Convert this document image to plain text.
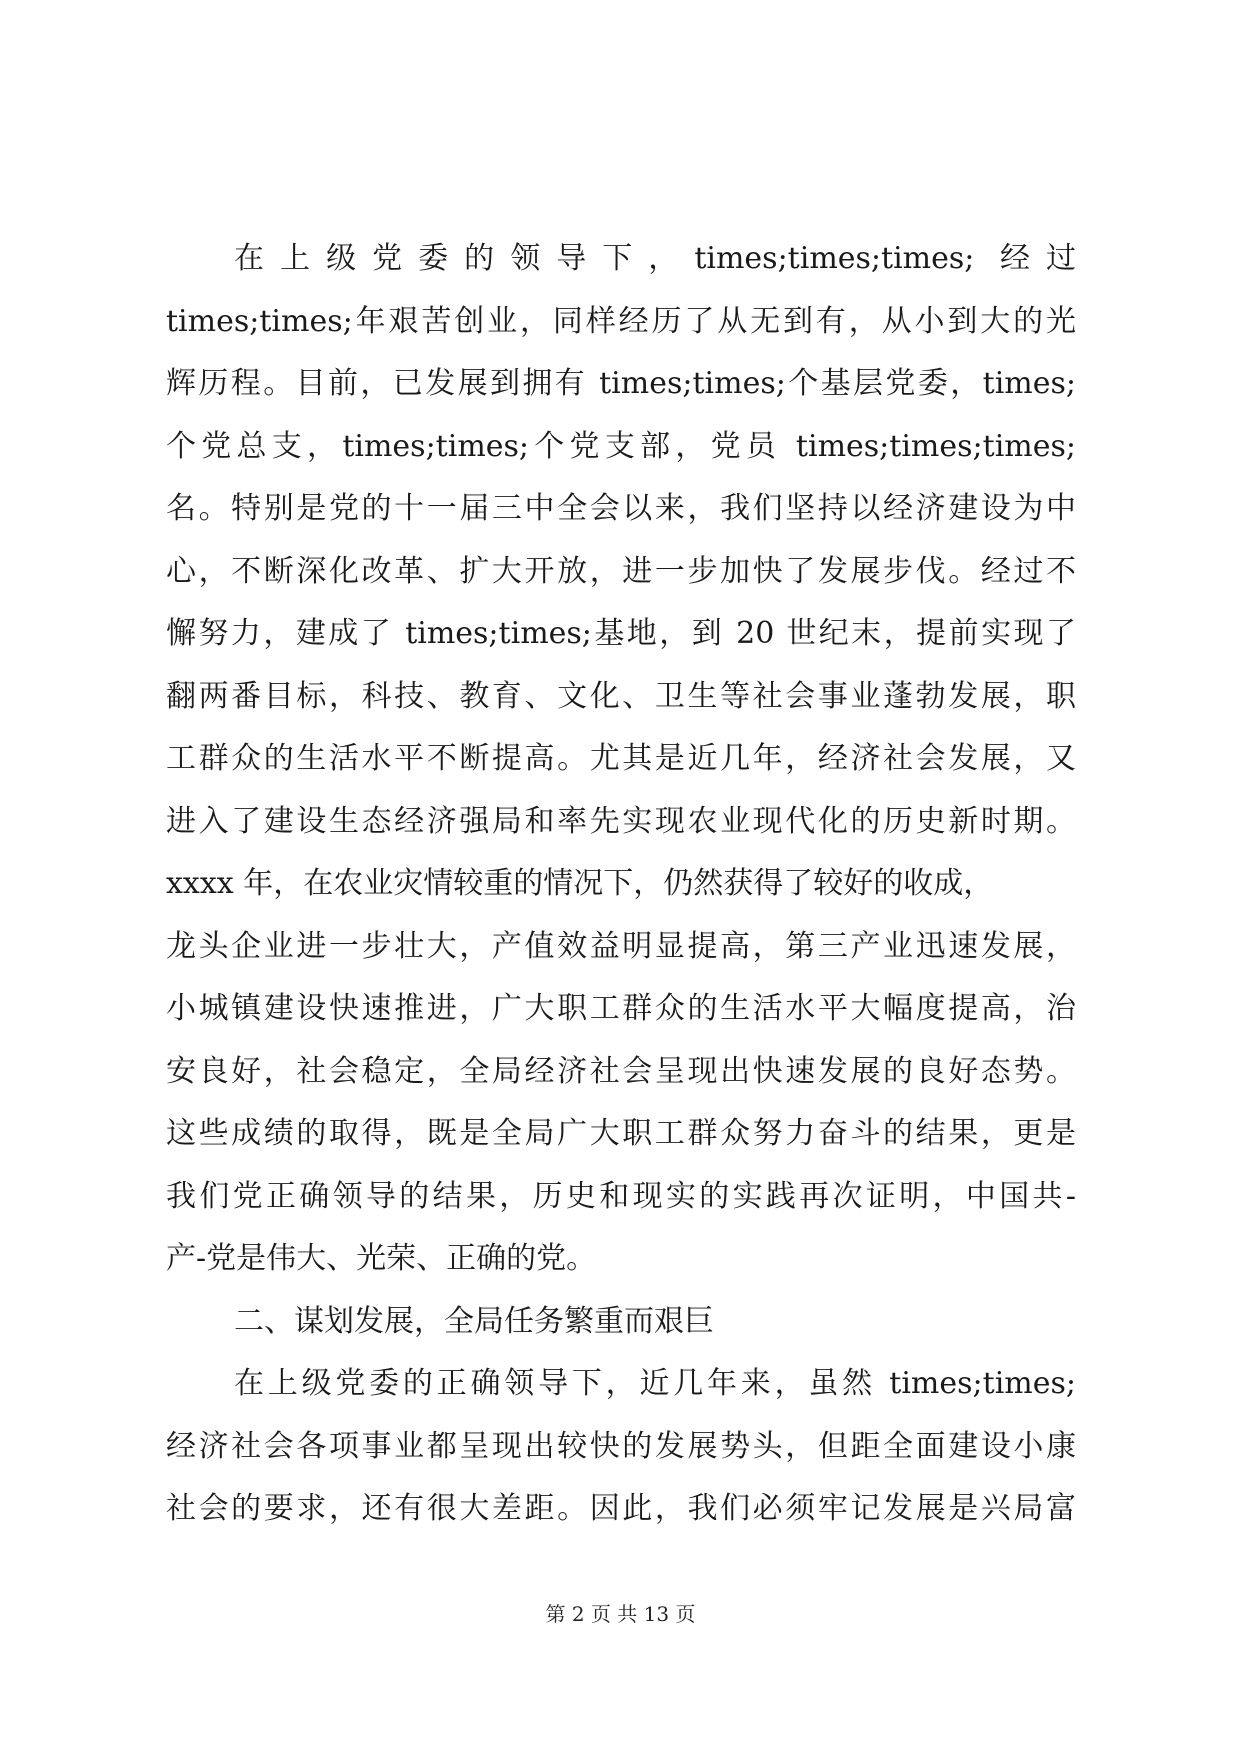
在上级党委的领导下，times;times;times; 经过
times;times;年艰苦创业，同样经历了从无到有，从小到大的光
辉历程。目前，已发展到拥有 times;times;个基层党委，times;
个党总支，times;times;个党支部，党员 times;times;times;
名。特别是党的十一届三中全会以来，我们坚持以经济建设为中
心，不断深化改革、扩大开放，进一步加快了发展步伐。经过不
懈努力，建成了 times;times;基地，到 20 世纪末，提前实现了
翻两番目标，科技、教育、文化、卫生等社会事业蓬勃发展，职
工群众的生活水平不断提高。尤其是近几年，经济社会发展，又
进入了建设生态经济强局和率先实现农业现代化的历史新时期。
xxxx 年，在农业灾情较重的情况下，仍然获得了较好的收成，
龙头企业进一步壮大，产值效益明显提高，第三产业迅速发展，
小城镇建设快速推进，广大职工群众的生活水平大幅度提高，治
安良好，社会稳定，全局经济社会呈现出快速发展的良好态势。
这些成绩的取得，既是全局广大职工群众努力奋斗的结果，更是
我们党正确领导的结果，历史和现实的实践再次证明，中国共-
产-党是伟大、光荣、正确的党。
二、谋划发展，全局任务繁重而艰巨
在上级党委的正确领导下，近几年来，虽然 times;times;
经济社会各项事业都呈现出较快的发展势头，但距全面建设小康
社会的要求，还有很大差距。因此，我们必须牢记发展是兴局富
第 2 页 共 13 页
